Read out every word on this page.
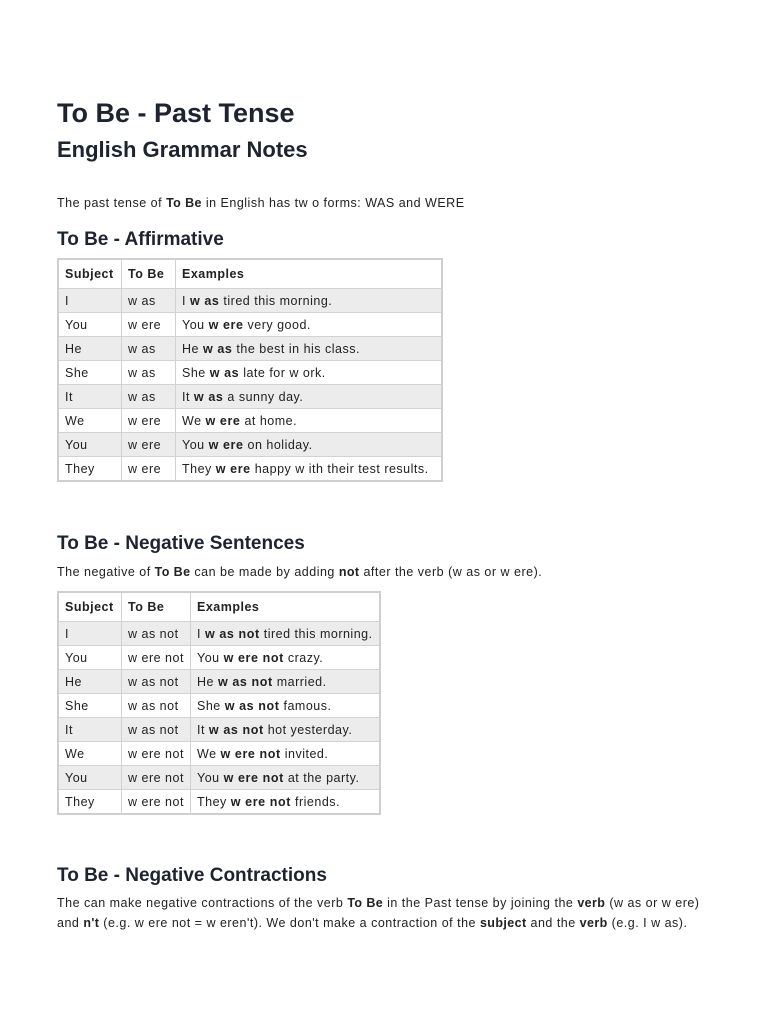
To Be - Past Tense
English Grammar Notes

The past tense of To Be in English has tw o forms: WAS and WERE

To Be - Affirmative
Subject	To Be	Examples
I	w as	I w as tired this morning.
You	w ere	You w ere very good.
He	w as	He w as the best in his class.
She	w as	She w as late for w ork.
It	w as	It w as a sunny day.
We	w ere	We w ere at home.
You	w ere	You w ere on holiday.
They	w ere	They w ere happy w ith their test results.
To Be - Negative Sentences

The negative of To Be can be made by adding not after the verb (w as or w ere).

Subject	To Be	Examples
I	w as not	I w as not tired this morning.
You	w ere not	You w ere not crazy.
He	w as not	He w as not married.
She	w as not	She w as not famous.
It	w as not	It w as not hot yesterday.
We	w ere not	We w ere not invited.
You	w ere not	You w ere not at the party.
They	w ere not	They w ere not friends.
To Be - Negative Contractions

The can make negative contractions of the verb To Be in the Past tense by joining the verb (w as or w ere) and n't (e.g. w ere not = w eren't). We don't make a contraction of the subject and the verb (e.g. I w as).
